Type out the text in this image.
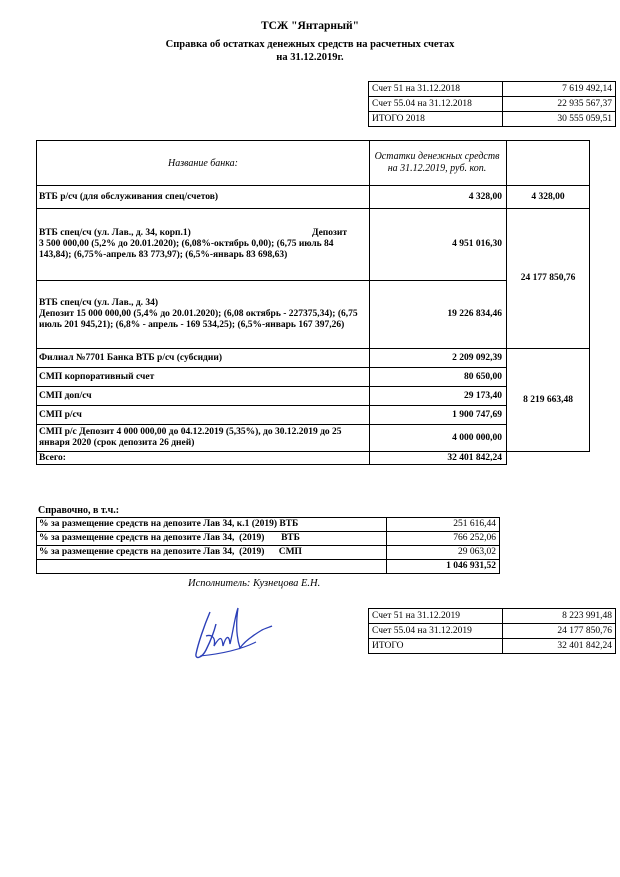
ТСЖ "Янтарный"
Справка об остатках денежных средств на расчетных счетах
на 31.12.2019г.
Счет 51 на 31.12.2018	7 619 492,14
Счет 55.04 на 31.12.2018	22 935 567,37
ИТОГО 2018	30 555 059,51
Название банка:	Остатки денежных средств на 31.12.2019, руб. коп.	
ВТБ р/сч (для обслуживания спец/счетов)	4 328,00	4 328,00

ВТБ спец/сч (ул. Лав., д. 34, корп.1) Депозит
3 500 000,00 (5,2% до 20.01.2020); (6,08%-октябрь 0,00); (6,75 июль 84 143,84); (6,75%-апрель 83 773,97); (6,5%-январь 83 698,63)	4 951 016,30	24 177 850,76

ВТБ спец/сч (ул. Лав., д. 34)
Депозит 15 000 000,00 (5,4% до 20.01.2020); (6,08 октябрь - 227375,34); (6,75 июль 201 945,21); (6,8% - апрель - 169 534,25); (6,5%-январь 167 397,26)	19 226 834,46	
Филиал №7701 Банка ВТБ р/сч (субсидии)	2 209 092,39	8 219 663,48
СМП корпоративный счет	80 650,00	
СМП доп/сч	29 173,40	
СМП р/сч	1 900 747,69	
СМП р/с Депозит 4 000 000,00 до 04.12.2019 (5,35%), до 30.12.2019 до 25 января 2020 (срок депозита 26 дней)	4 000 000,00	
Всего:	32 401 842,24	
Справочно, в т.ч.:
% за размещение средств на депозите Лав 34, к.1 (2019) ВТБ	251 616,44
% за размещение средств на депозите Лав 34,  (2019)       ВТБ	766 252,06
% за размещение средств на депозите Лав 34,  (2019)      СМП	29 063,02
	1 046 931,52
Исполнитель: Кузнецова Е.Н.
Счет 51 на 31.12.2019	8 223 991,48
Счет 55.04 на 31.12.2019	24 177 850,76
ИТОГО	32 401 842,24
